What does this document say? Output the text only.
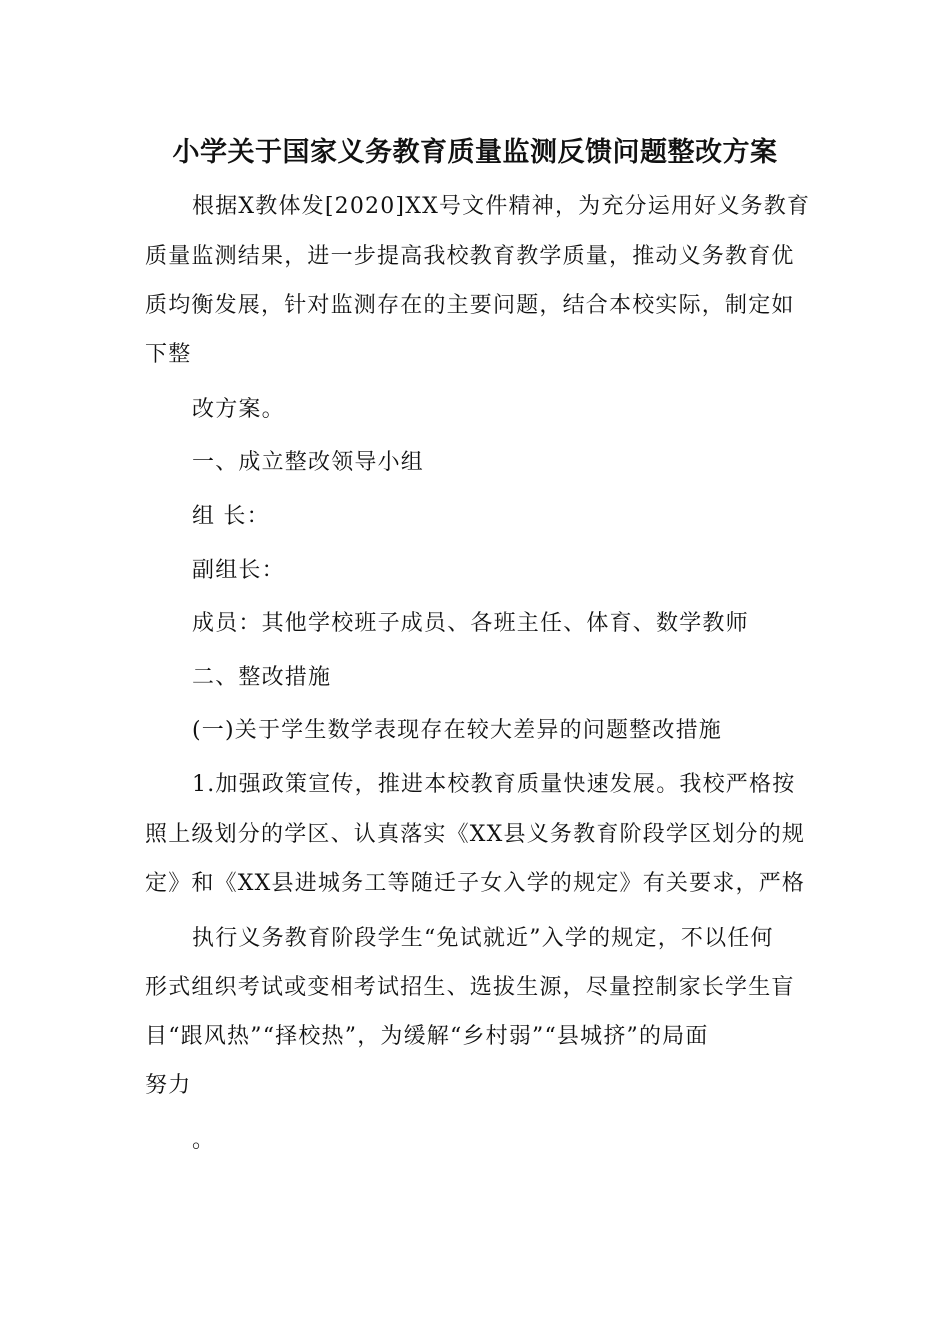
小学关于国家义务教育质量监测反馈问题整改方案
根据X教体发[2020]XX号文件精神，为充分运用好义务教育
质量监测结果，进一步提高我校教育教学质量，推动义务教育优
质均衡发展，针对监测存在的主要问题，结合本校实际，制定如
下整
改方案。
一、成立整改领导小组
组 长：
副组长：
成员：其他学校班子成员、各班主任、体育、数学教师
二、整改措施
(一)关于学生数学表现存在较大差异的问题整改措施
1.加强政策宣传，推进本校教育质量快速发展。我校严格按
照上级划分的学区、认真落实《XX县义务教育阶段学区划分的规
定》和《XX县进城务工等随迁子女入学的规定》有关要求，严格
执行义务教育阶段学生“免试就近”入学的规定，不以任何
形式组织考试或变相考试招生、选拔生源，尽量控制家长学生盲
目“跟风热”“择校热”，为缓解“乡村弱”“县城挤”的局面
努力
。
